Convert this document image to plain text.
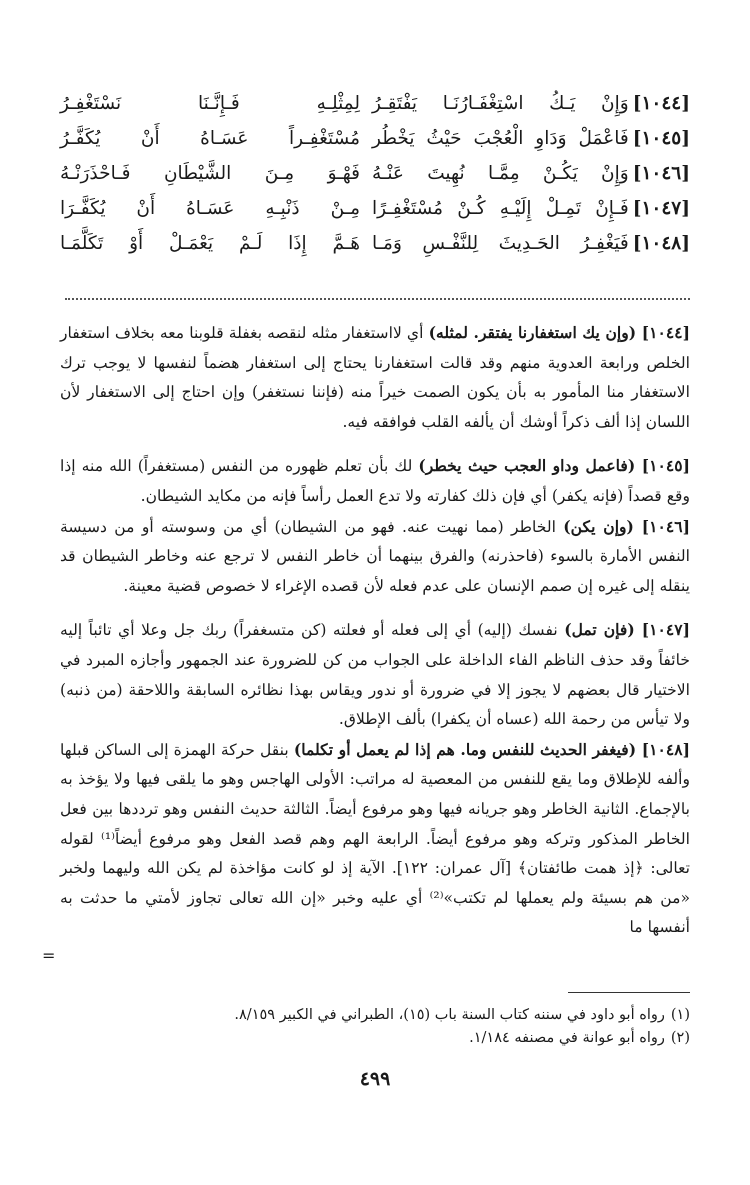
[١٠٤٤]وَإِنْ يَـكُ اسْتِغْفَـارُنَـا يَفْتَقِـرُ
لِمِثْلِـهِ فَـإِنَّـنَا نَسْتَغْفِـرُ
[١٠٤٥]فَاعْمَلْ وَدَاوِ الْعُجْبَ حَيْثُ يَخْطُر
مُسْتَغْفِـراً عَسَـاهُ أَنْ يُكَفَّـرُ
[١٠٤٦]وَإِنْ يَكُـنْ مِمَّـا نُهِيتَ عَنْـهُ
فَهْـوَ مِـنَ الشَّيْطَانِ فَـاحْذَرَنْـهُ
[١٠٤٧]فَـإِنْ تَمِـلْ إِلَيْـهِ كُـنْ مُسْتَغْفِـرًا
مِـنْ ذَنْبِـهِ عَسَـاهُ أَنْ يُكَفَّـرَا
[١٠٤٨]فَيَغْفِـرُ الحَـدِيثَ لِلنَّفْـسِ وَمَـا
هَـمَّ إِذَا لَـمْ يَعْمَـلْ أَوْ تَكَلَّمَـا

[١٠٤٤] (وإن يك استغفارنا يفتقر. لمثله) أي لااستغفار مثله لنقصه بغفلة قلوبنا معه بخلاف استغفار الخلص ورابعة العدوية منهم وقد قالت استغفارنا يحتاج إلى استغفار هضماً لنفسها لا يوجب ترك الاستغفار منا المأمور به بأن يكون الصمت خيراً منه (فإننا نستغفر) وإن احتاج إلى الاستغفار لأن اللسان إذا ألف ذكراً أوشك أن يألفه القلب فوافقه فيه.

[١٠٤٥] (فاعمل وداو العجب حيث يخطر) لك بأن تعلم ظهوره من النفس (مستغفراً) الله منه إذا وقع قصداً (فإنه يكفر) أي فإن ذلك كفارته ولا تدع العمل رأساً فإنه من مكايد الشيطان.

[١٠٤٦] (وإن يكن) الخاطر (مما نهيت عنه. فهو من الشيطان) أي من وسوسته أو من دسيسة النفس الأمارة بالسوء (فاحذرنه) والفرق بينهما أن خاطر النفس لا ترجع عنه وخاطر الشيطان قد ينقله إلى غيره إن صمم الإنسان على عدم فعله لأن قصده الإغراء لا خصوص قضية معينة.

[١٠٤٧] (فإن تمل) نفسك (إليه) أي إلى فعله أو فعلته (كن متسغفراً) ربك جل وعلا أي تائباً إليه خائفاً وقد حذف الناظم الفاء الداخلة على الجواب من كن للضرورة عند الجمهور وأجازه المبرد في الاختيار قال بعضهم لا يجوز إلا في ضرورة أو ندور ويقاس بهذا نظائره السابقة واللاحقة (من ذنبه) ولا تيأس من رحمة الله (عساه أن يكفرا) بألف الإطلاق.

[١٠٤٨] (فيغفر الحديث للنفس وما. هم إذا لم يعمل أو تكلما) بنقل حركة الهمزة إلى الساكن قبلها وألفه للإطلاق وما يقع للنفس من المعصية له مراتب: الأولى الهاجس وهو ما يلقى فيها ولا يؤخذ به بالإجماع. الثانية الخاطر وهو جريانه فيها وهو مرفوع أيضاً. الثالثة حديث النفس وهو ترددها بين فعل الخاطر المذكور وتركه وهو مرفوع أيضاً. الرابعة الهم وهم قصد الفعل وهو مرفوع أيضاً⁽¹⁾ لقوله تعالى: ﴿إذ همت طائفتان﴾ [آل عمران: ١٢٢]. الآية إذ لو كانت مؤاخذة لم يكن الله وليهما ولخبر «من هم بسيئة ولم يعملها لم تكتب»⁽²⁾ أي عليه وخبر «إن الله تعالى تجاوز لأمتي ما حدثت به أنفسها ما

=

(١)رواه أبو داود في سننه كتاب السنة باب (١٥)، الطبراني في الكبير ٨/١٥٩.

(٢)رواه أبو عوانة في مصنفه ١/١٨٤.

٤٩٩
